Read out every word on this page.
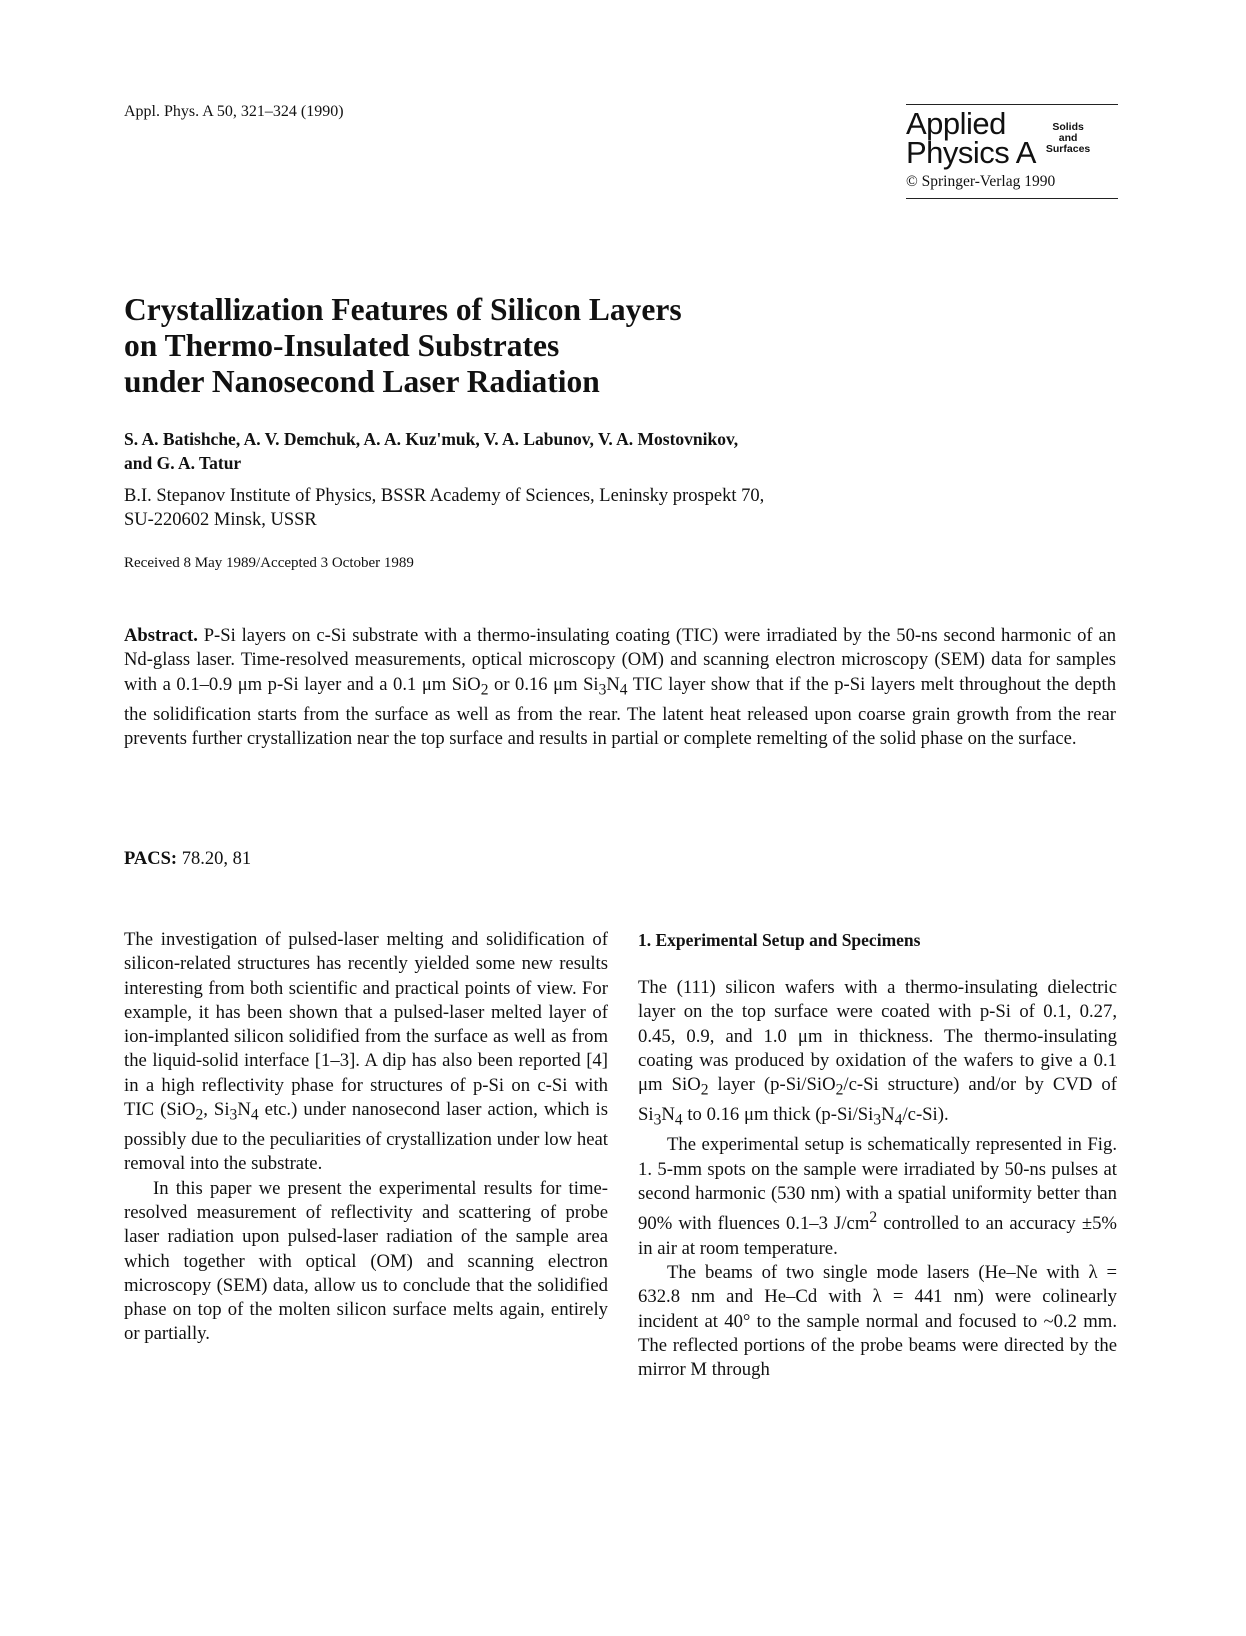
Appl. Phys. A 50, 321–324 (1990)	Applied
Physics A
Solids
and
Surfaces
© Springer-Verlag 1990
Crystallization Features of Silicon Layers
on Thermo-Insulated Substrates
under Nanosecond Laser Radiation
S. A. Batishche, A. V. Demchuk, A. A. Kuz'muk, V. A. Labunov, V. A. Mostovnikov,
and G. A. Tatur
B.I. Stepanov Institute of Physics, BSSR Academy of Sciences, Leninsky prospekt 70,
SU-220602 Minsk, USSR
Received 8 May 1989/Accepted 3 October 1989
Abstract. P-Si layers on c-Si substrate with a thermo-insulating coating (TIC) were irradiated by the 50-ns second harmonic of an Nd-glass laser. Time-resolved measurements, optical microscopy (OM) and scanning electron microscopy (SEM) data for samples with a 0.1–0.9 μm p-Si layer and a 0.1 μm SiO$_2$ or 0.16 μm $Si_3N_4$ TIC layer show that if the p-Si layers melt throughout the depth the solidification starts from the surface as well as from the rear. The latent heat released upon coarse grain growth from the rear prevents further crystallization near the top surface and results in partial or complete remelting of the solid phase on the surface.
PACS: 78.20, 81

The investigation of pulsed-laser melting and solidification of silicon-related structures has recently yielded some new results interesting from both scientific and practical points of view. For example, it has been shown that a pulsed-laser melted layer of ion-implanted silicon solidified from the surface as well as from the liquid-solid interface [1–3]. A dip has also been reported [4] in a high reflectivity phase for structures of p-Si on c-Si with TIC (SiO$_2$, $Si_3N_4$ etc.) under nanosecond laser action, which is possibly due to the peculiarities of crystallization under low heat removal into the substrate.

In this paper we present the experimental results for time-resolved measurement of reflectivity and scattering of probe laser radiation upon pulsed-laser radiation of the sample area which together with optical (OM) and scanning electron microscopy (SEM) data, allow us to conclude that the solidified phase on top of the molten silicon surface melts again, entirely or partially.

1. Experimental Setup and Specimens

The (111) silicon wafers with a thermo-insulating dielectric layer on the top surface were coated with p-Si of 0.1, 0.27, 0.45, 0.9, and 1.0 μm in thickness. The thermo-insulating coating was produced by oxidation of the wafers to give a 0.1 μm SiO$_2$ layer (p-Si/SiO$_2$/c-Si structure) and/or by CVD of $Si_3N_4$ to 0.16 μm thick $(p-Si/Si_3N_4/c-Si)$.

The experimental setup is schematically represented in Fig. 1. 5-mm spots on the sample were irradiated by 50-ns pulses at second harmonic (530 nm) with a spatial uniformity better than 90% with fluences 0.1–3 $J/cm^2$ controlled to an accuracy ±5% in air at room temperature.

The beams of two single mode lasers (He–Ne with λ = 632.8 nm and He–Cd with λ = 441 nm) were colinearly incident at 40° to the sample normal and focused to ~0.2 mm. The reflected portions of the probe beams were directed by the mirror M through
